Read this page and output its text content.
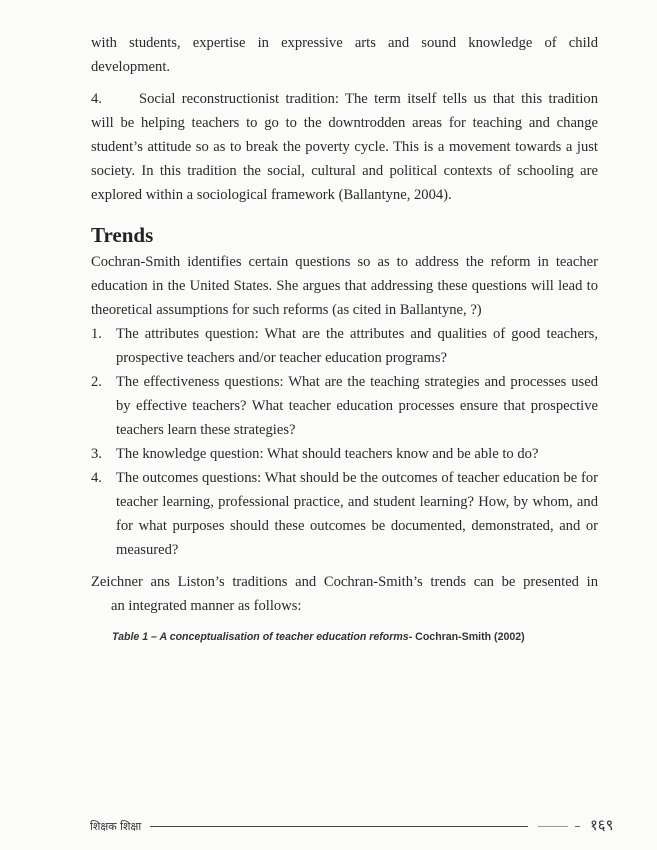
with students, expertise in expressive arts and sound knowledge of child
development.
4.	Social reconstructionist tradition: The term itself tells us that this tradition
will be helping teachers to go to the downtrodden areas for teaching and change student’s attitude so as to break the poverty cycle. This is a movement towards a just society. In this tradition the social, cultural and political contexts of schooling are explored within a sociological framework (Ballantyne, 2004).
Trends
Cochran-Smith identifies certain questions so as to address the reform in teacher education in the United States. She argues that addressing these questions will lead to theoretical assumptions for such reforms (as cited in Ballantyne, ?)
1. The attributes question: What are the attributes and qualities of good teachers, prospective teachers and/or teacher education programs?
2. The effectiveness questions: What are the teaching strategies and processes used by effective teachers? What teacher education processes ensure that prospective teachers learn these strategies?
3. The knowledge question: What should teachers know and be able to do?
4. The outcomes questions: What should be the outcomes of teacher education be for teacher learning, professional practice, and student learning? How, by whom, and for what purposes should these outcomes be documented, demonstrated, and or measured?
Zeichner ans Liston’s traditions and Cochran-Smith’s trends can be presented in
an integrated manner as follows:
Table 1 – A conceptualisation of teacher education reforms- Cochran-Smith (2002)
शिक्षक शिक्षा	१६९
